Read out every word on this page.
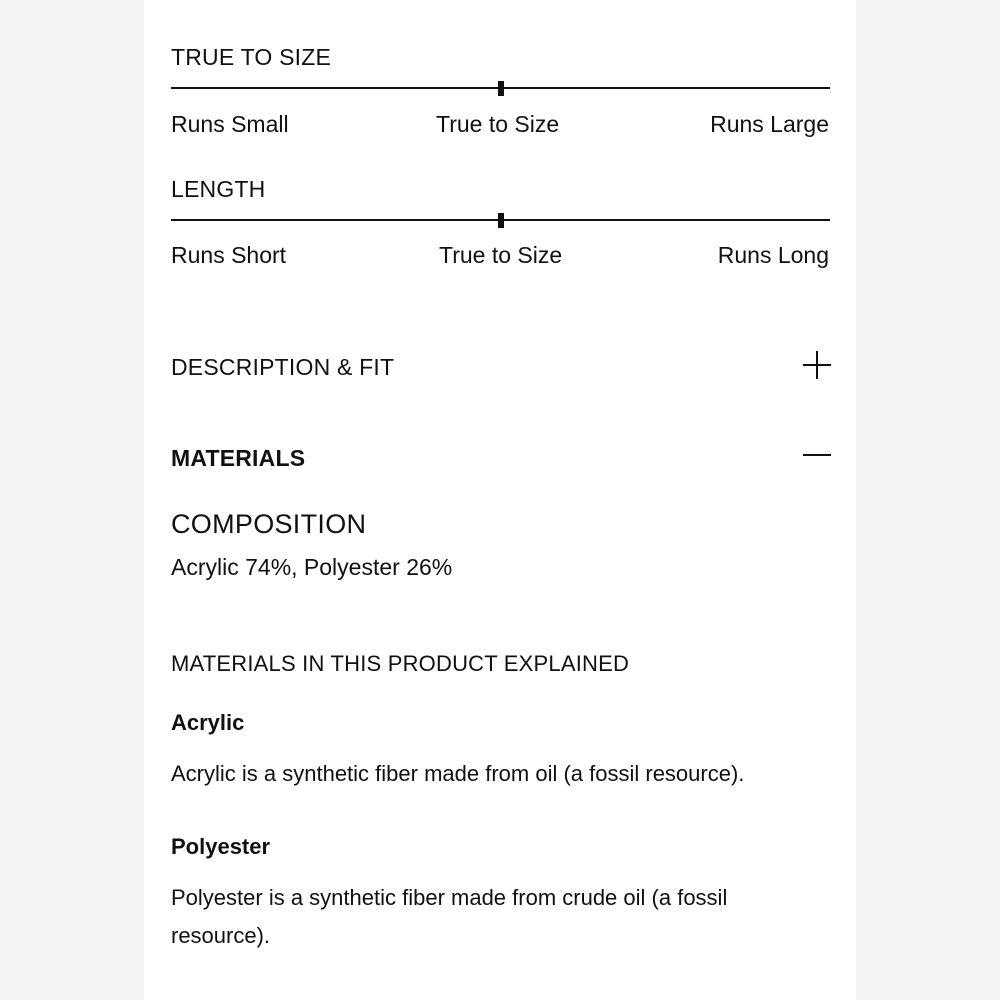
TRUE TO SIZE
Runs Small	True to Size	Runs Large
LENGTH
Runs Short	True to Size	Runs Long
DESCRIPTION & FIT
MATERIALS
COMPOSITION
Acrylic 74%, Polyester 26%
MATERIALS IN THIS PRODUCT EXPLAINED
Acrylic
Acrylic is a synthetic fiber made from oil (a fossil resource).
Polyester
Polyester is a synthetic fiber made from crude oil (a fossil resource).
